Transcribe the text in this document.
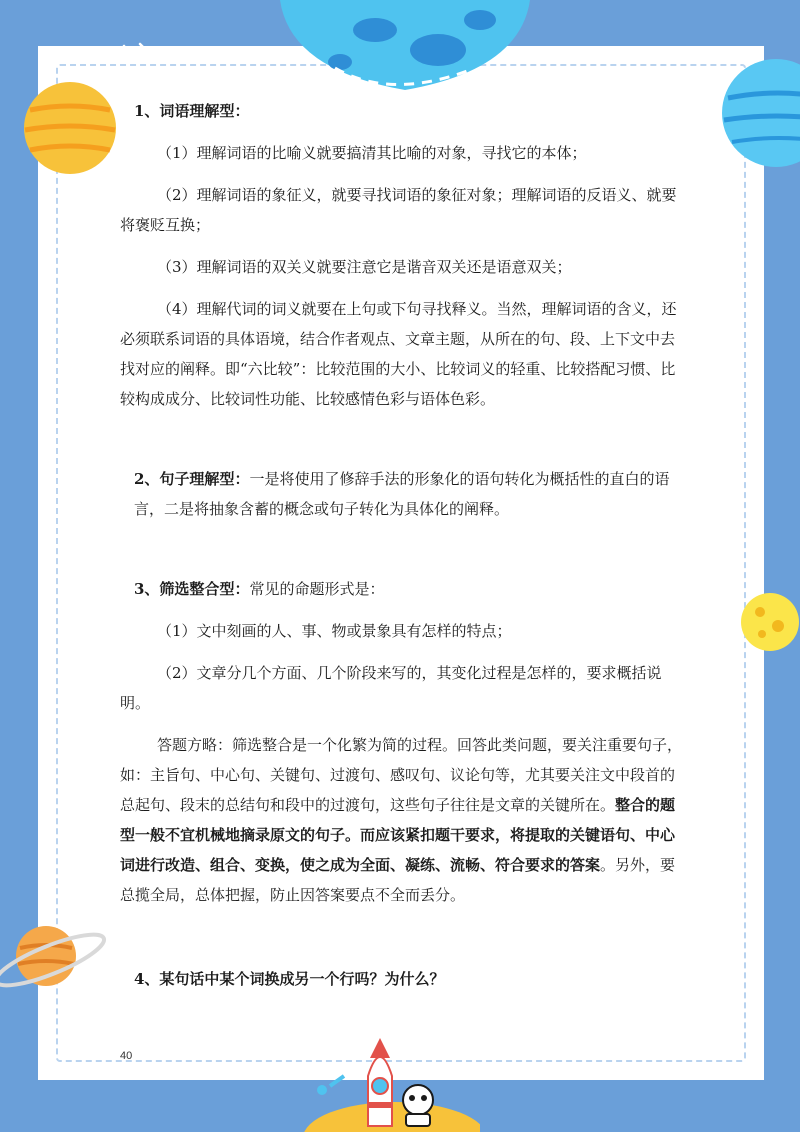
1、词语理解型：

（1）理解词语的比喻义就要搞清其比喻的对象，寻找它的本体；

（2）理解词语的象征义，就要寻找词语的象征对象；理解词语的反语义、就要将褒贬互换；

（3）理解词语的双关义就要注意它是谐音双关还是语意双关；

（4）理解代词的词义就要在上句或下句寻找释义。当然，理解词语的含义，还必须联系词语的具体语境，结合作者观点、文章主题，从所在的句、段、上下文中去找对应的阐释。即“六比较”：比较范围的大小、比较词义的轻重、比较搭配习惯、比较构成成分、比较词性功能、比较感情色彩与语体色彩。

2、句子理解型：一是将使用了修辞手法的形象化的语句转化为概括性的直白的语言，二是将抽象含蓄的概念或句子转化为具体化的阐释。

3、筛选整合型：常见的命题形式是：

（1）文中刻画的人、事、物或景象具有怎样的特点；

（2）文章分几个方面、几个阶段来写的，其变化过程是怎样的，要求概括说明。

答题方略：筛选整合是一个化繁为简的过程。回答此类问题，要关注重要句子，如：主旨句、中心句、关键句、过渡句、感叹句、议论句等，尤其要关注文中段首的总起句、段末的总结句和段中的过渡句，这些句子往往是文章的关键所在。整合的题型一般不宜机械地摘录原文的句子。而应该紧扣题干要求，将提取的关键语句、中心词进行改造、组合、变换，使之成为全面、凝练、流畅、符合要求的答案。另外，要总揽全局，总体把握，防止因答案要点不全而丢分。

4、某句话中某个词换成另一个行吗？为什么？

40
